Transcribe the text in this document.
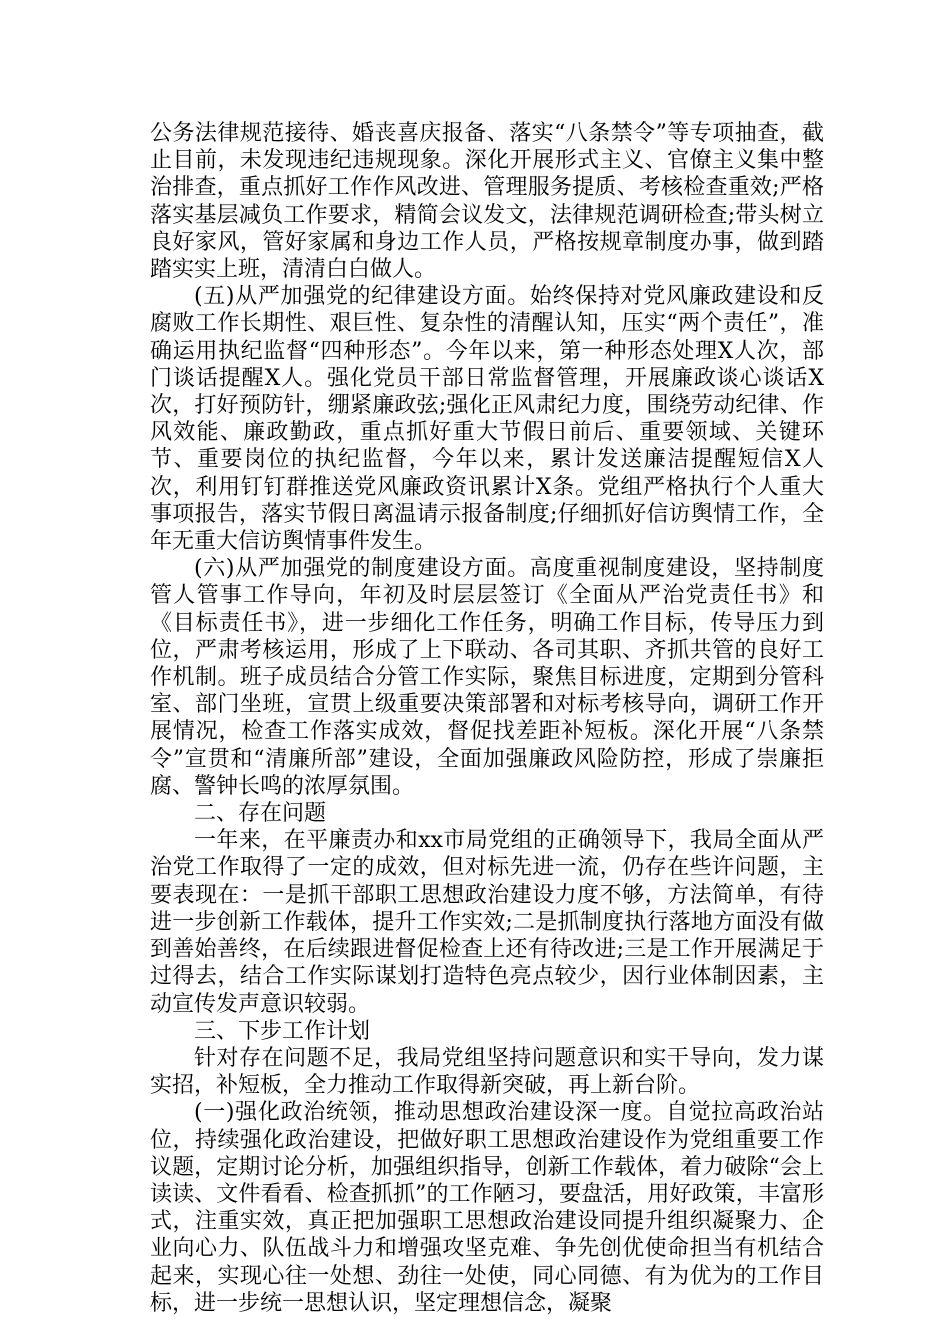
公务法律规范接待、婚丧喜庆报备、落实“八条禁令”等专项抽查，截止目前，未发现违纪违规现象。深化开展形式主义、官僚主义集中整治排查，重点抓好工作作风改进、管理服务提质、考核检查重效;严格落实基层减负工作要求，精简会议发文，法律规范调研检查;带头树立良好家风，管好家属和身边工作人员，严格按规章制度办事，做到踏踏实实上班，清清白白做人。

(五)从严加强党的纪律建设方面。始终保持对党风廉政建设和反腐败工作长期性、艰巨性、复杂性的清醒认知，压实“两个责任”，准确运用执纪监督“四种形态”。今年以来，第一种形态处理X人次，部门谈话提醒X人。强化党员干部日常监督管理，开展廉政谈心谈话X次，打好预防针，绷紧廉政弦;强化正风肃纪力度，围绕劳动纪律、作风效能、廉政勤政，重点抓好重大节假日前后、重要领域、关键环节、重要岗位的执纪监督，今年以来，累计发送廉洁提醒短信X人次，利用钉钉群推送党风廉政资讯累计X条。党组严格执行个人重大事项报告，落实节假日离温请示报备制度;仔细抓好信访舆情工作，全年无重大信访舆情事件发生。

(六)从严加强党的制度建设方面。高度重视制度建设，坚持制度管人管事工作导向，年初及时层层签订《全面从严治党责任书》和《目标责任书》，进一步细化工作任务，明确工作目标，传导压力到位，严肃考核运用，形成了上下联动、各司其职、齐抓共管的良好工作机制。班子成员结合分管工作实际，聚焦目标进度，定期到分管科室、部门坐班，宣贯上级重要决策部署和对标考核导向，调研工作开展情况，检查工作落实成效，督促找差距补短板。深化开展“八条禁令”宣贯和“清廉所部”建设，全面加强廉政风险防控，形成了崇廉拒腐、警钟长鸣的浓厚氛围。

二、存在问题

一年来，在平廉责办和xx市局党组的正确领导下，我局全面从严治党工作取得了一定的成效，但对标先进一流，仍存在些许问题，主要表现在：一是抓干部职工思想政治建设力度不够，方法简单，有待进一步创新工作载体，提升工作实效;二是抓制度执行落地方面没有做到善始善终，在后续跟进督促检查上还有待改进;三是工作开展满足于过得去，结合工作实际谋划打造特色亮点较少，因行业体制因素，主动宣传发声意识较弱。

三、下步工作计划

针对存在问题不足，我局党组坚持问题意识和实干导向，发力谋实招，补短板，全力推动工作取得新突破，再上新台阶。

(一)强化政治统领，推动思想政治建设深一度。自觉拉高政治站位，持续强化政治建设，把做好职工思想政治建设作为党组重要工作议题，定期讨论分析，加强组织指导，创新工作载体，着力破除“会上读读、文件看看、检查抓抓”的工作陋习，要盘活，用好政策，丰富形式，注重实效，真正把加强职工思想政治建设同提升组织凝聚力、企业向心力、队伍战斗力和增强攻坚克难、争先创优使命担当有机结合起来，实现心往一处想、劲往一处使，同心同德、有为优为的工作目标，进一步统一思想认识，坚定理想信念，凝聚
